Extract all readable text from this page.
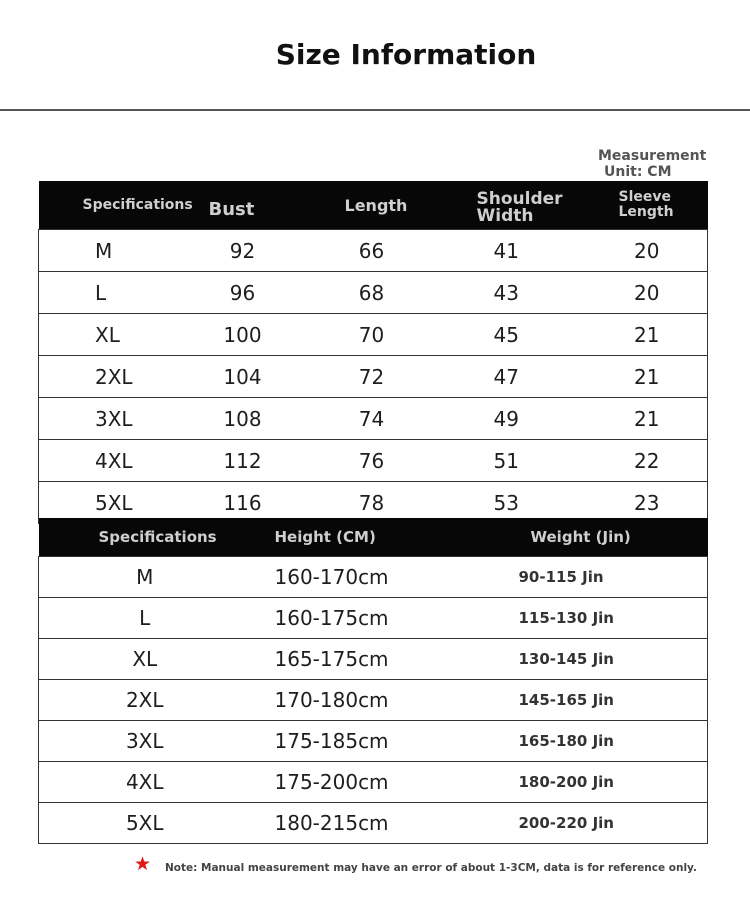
Size Information
Measurement
Unit: CM
Specifications	Bust	Length	Shoulder Width	Sleeve Length
M	92	66	41	20
L	96	68	43	20
XL	100	70	45	21
2XL	104	72	47	21
3XL	108	74	49	21
4XL	112	76	51	22
5XL	116	78	53	23
Specifications	Height (CM)	Weight (Jin)
M	160-170cm	90-115 Jin
L	160-175cm	115-130 Jin
XL	165-175cm	130-145 Jin
2XL	170-180cm	145-165 Jin
3XL	175-185cm	165-180 Jin
4XL	175-200cm	180-200 Jin
5XL	180-215cm	200-220 Jin
★ Note: Manual measurement may have an error of about 1-3CM, data is for reference only.
